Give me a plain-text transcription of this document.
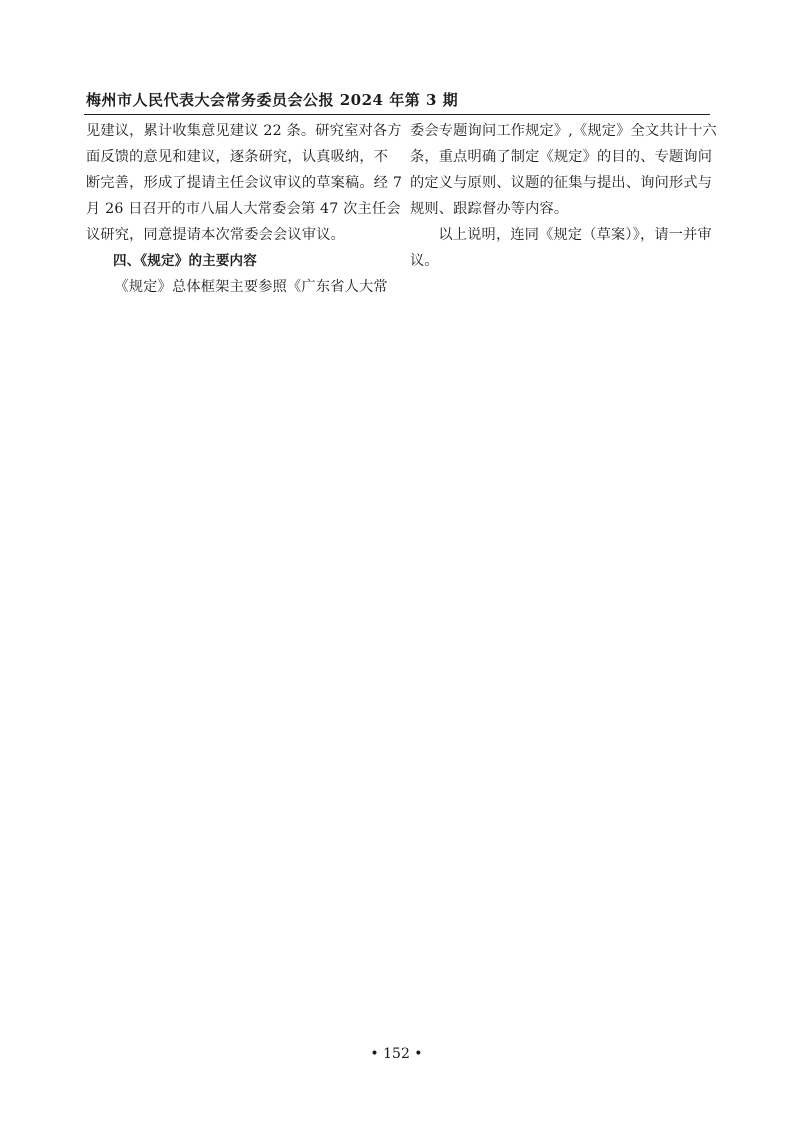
梅州市人民代表大会常务委员会公报 2024 年第 3 期

见建议，累计收集意见建议 22 条。研究室对各方
面反馈的意见和建议，逐条研究，认真吸纳，不
断完善，形成了提请主任会议审议的草案稿。经 7
月 26 日召开的市八届人大常委会第 47 次主任会
议研究，同意提请本次常委会会议审议。

四、《规定》的主要内容

《规定》总体框架主要参照《广东省人大常

委会专题询问工作规定》,《规定》全文共计十六
条，重点明确了制定《规定》的目的、专题询问
的定义与原则、议题的征集与提出、询问形式与
规则、跟踪督办等内容。

以上说明，连同《规定（草案）》，请一并审
议。

• 152 •
